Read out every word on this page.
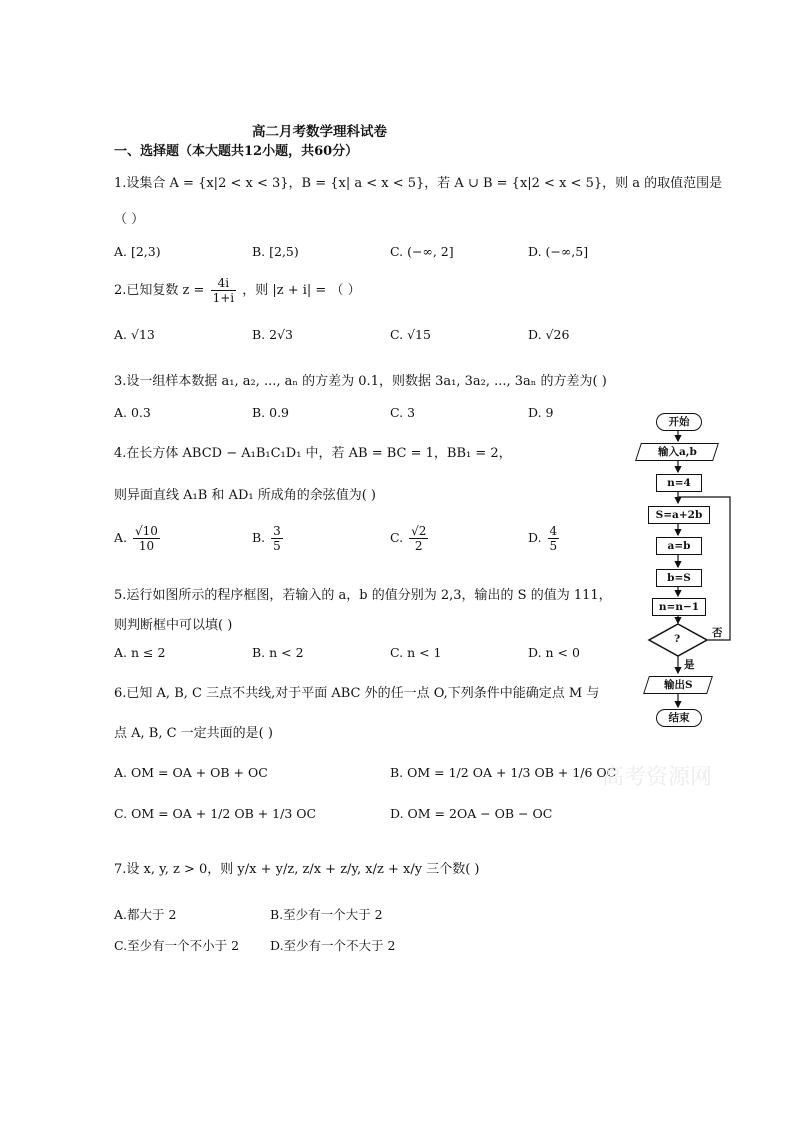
高二月考数学理科试卷
一、选择题（本大题共12小题，共60分）
1.设集合 A = {x|2 < x < 3}，B = {x| a < x < 5}，若 A ∪ B = {x|2 < x < 5}，则 a 的取值范围是
（ ）
A. [2,3)	B. [2,5)	C. (−∞, 2]	D. (−∞,5]
2.已知复数 $z = \frac{4i}{1+i}$ ，则 |z + i| = （ ）
A. √13	B. 2√3	C. √15	D. √26
3.设一组样本数据 a₁, a₂, ..., aₙ 的方差为 0.1，则数据 3a₁, 3a₂, ..., 3aₙ 的方差为( )
A. 0.3	B. 0.9	C. 3	D. 9
4.在长方体 ABCD − A₁B₁C₁D₁ 中，若 AB = BC = 1，BB₁ = 2，
则异面直线 A₁B 和 AD₁ 所成角的余弦值为( )
A. $\frac{√10}{10}$	B. $\frac{3}{5}$	C. $\frac{√2}{2}$	D. $\frac{4}{5}$
5.运行如图所示的程序框图，若输入的 a，b 的值分别为 2,3，输出的 S 的值为 111，
则判断框中可以填( )
A. n ≤ 2	B. n < 2	C. n < 1	D. n < 0
6.已知 A, B, C 三点不共线,对于平面 ABC 外的任一点 O,下列条件中能确定点 M 与
点 A, B, C 一定共面的是( )
A. OM = OA + OB + OC	B. OM = 1/2 OA + 1/3 OB + 1/6 OC
C. OM = OA + 1/2 OB + 1/3 OC	D. OM = 2OA − OB − OC
高考资源网
7.设 x, y, z > 0，则 y/x + y/z, z/x + z/y, x/z + x/y 三个数( )
A.都大于 2	B.至少有一个大于 2
C.至少有一个不小于 2 D.至少有一个不大于 2
开始
输入a,b
n=4
S=a+2b
a=b
b=S
n=n−1
?	否
是
输出S
结束
